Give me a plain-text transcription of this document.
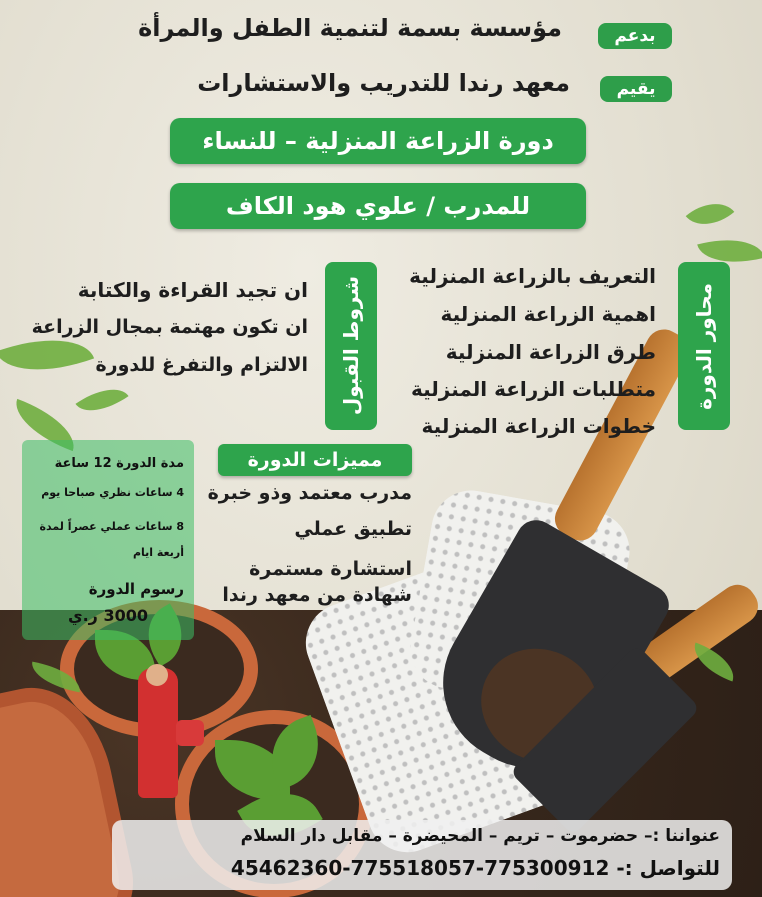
بدعم
مؤسسة بسمة لتنمية الطفل والمرأة
يقيم
معهد رندا للتدريب والاستشارات
دورة الزراعة المنزلية – للنساء
للمدرب / علوي هود الكاف
محاور الدورة
التعريف بالزراعة المنزلية
اهمية الزراعة المنزلية
طرق الزراعة المنزلية
متطلبات الزراعة المنزلية
خطوات الزراعة المنزلية
شروط القبول
ان تجيد القراءة والكتابة
ان تكون مهتمة بمجال الزراعة
الالتزام والتفرغ للدورة
مميزات الدورة
مدرب معتمد وذو خبرة
تطبيق عملي
استشارة مستمرة
شهادة من معهد رندا
مدة الدورة 12 ساعة
4 ساعات نظري صباحا يوم
8 ساعات عملي عصراً لمدة
أربعة ايام
رسوم الدورة
3000 ر.ي
عنواننا :– حضرموت – تريم – المحيضرة – مقابل دار السلام
للتواصل :- 775300912-775518057-45462360
